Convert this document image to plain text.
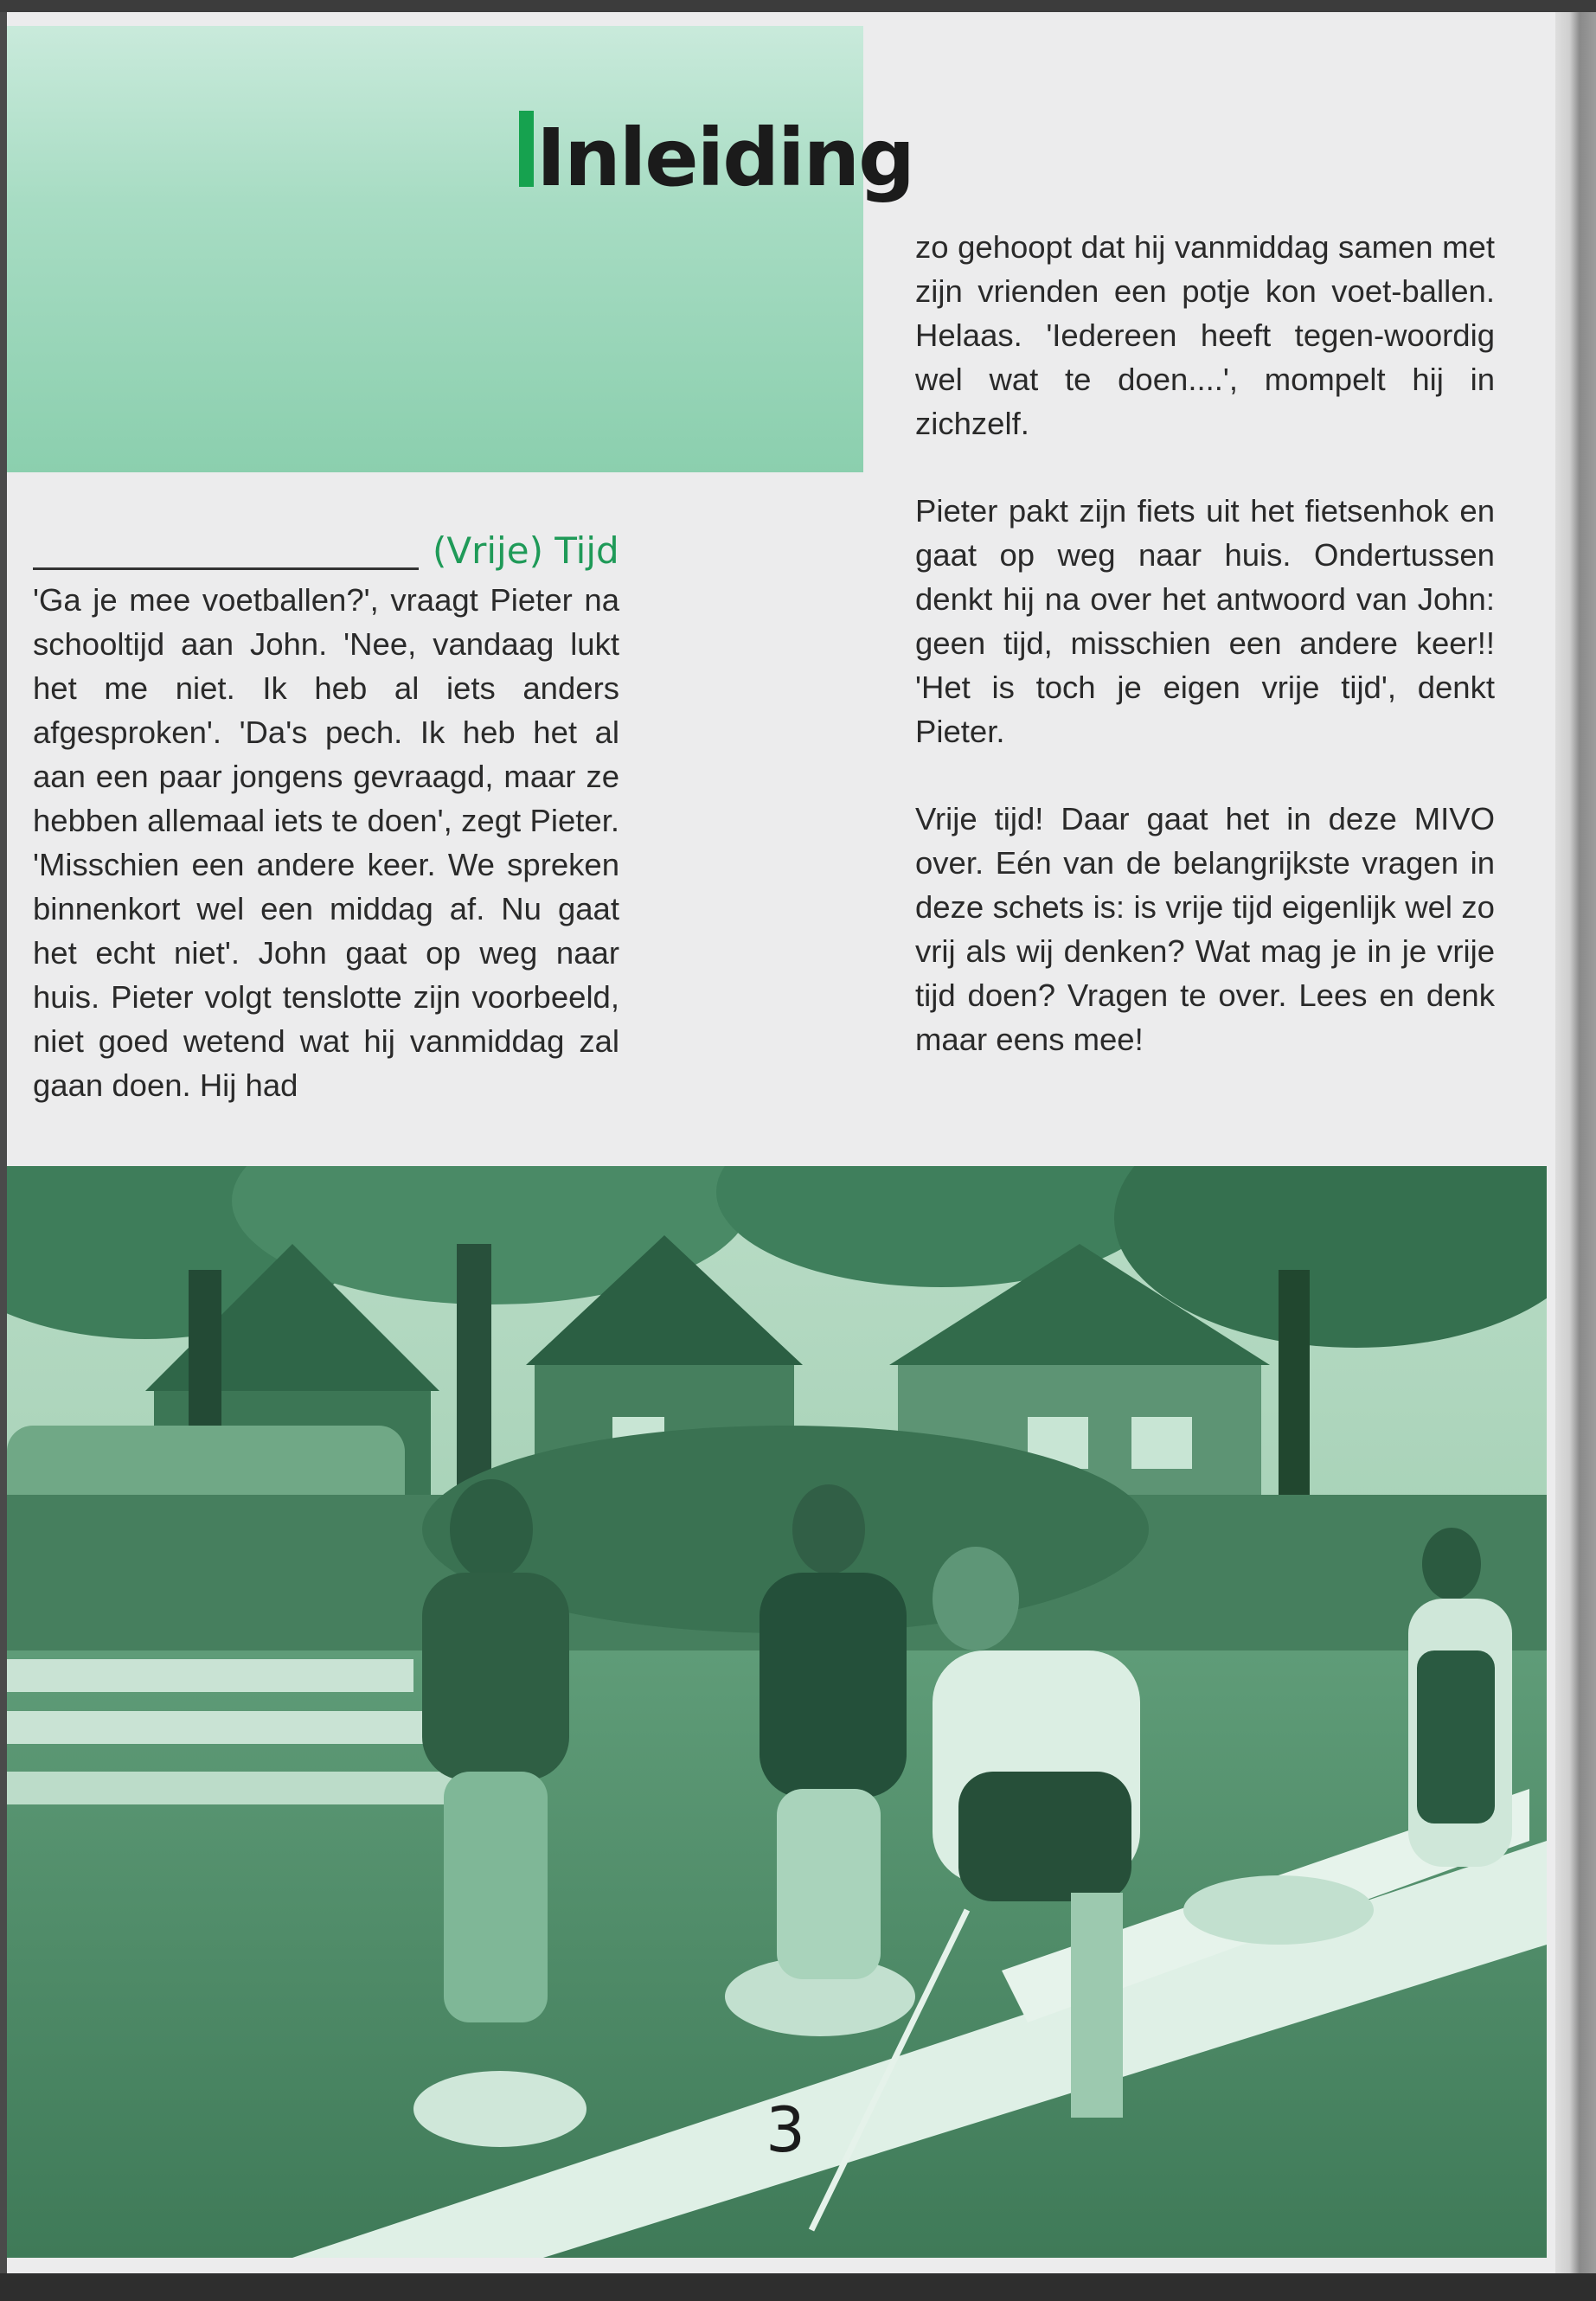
Inleiding
(Vrije) Tijd

'Ga je mee voetballen?', vraagt Pieter na schooltijd aan John. 'Nee, vandaag lukt het me niet. Ik heb al iets anders afgesproken'. 'Da's pech. Ik heb het al aan een paar jongens gevraagd, maar ze hebben allemaal iets te doen', zegt Pieter. 'Misschien een andere keer. We spreken binnenkort wel een middag af. Nu gaat het echt niet'. John gaat op weg naar huis. Pieter volgt tenslotte zijn voorbeeld, niet goed wetend wat hij vanmiddag zal gaan doen. Hij had

zo gehoopt dat hij vanmiddag samen met zijn vrienden een potje kon voet-ballen. Helaas. 'Iedereen heeft tegen-woordig wel wat te doen....', mompelt hij in zichzelf.

Pieter pakt zijn fiets uit het fietsenhok en gaat op weg naar huis. Ondertussen denkt hij na over het antwoord van John: geen tijd, misschien een andere keer!! 'Het is toch je eigen vrije tijd', denkt Pieter.

Vrije tijd! Daar gaat het in deze MIVO over. Eén van de belangrijkste vragen in deze schets is: is vrije tijd eigenlijk wel zo vrij als wij denken? Wat mag je in je vrije tijd doen? Vragen te over. Lees en denk maar eens mee!

3
